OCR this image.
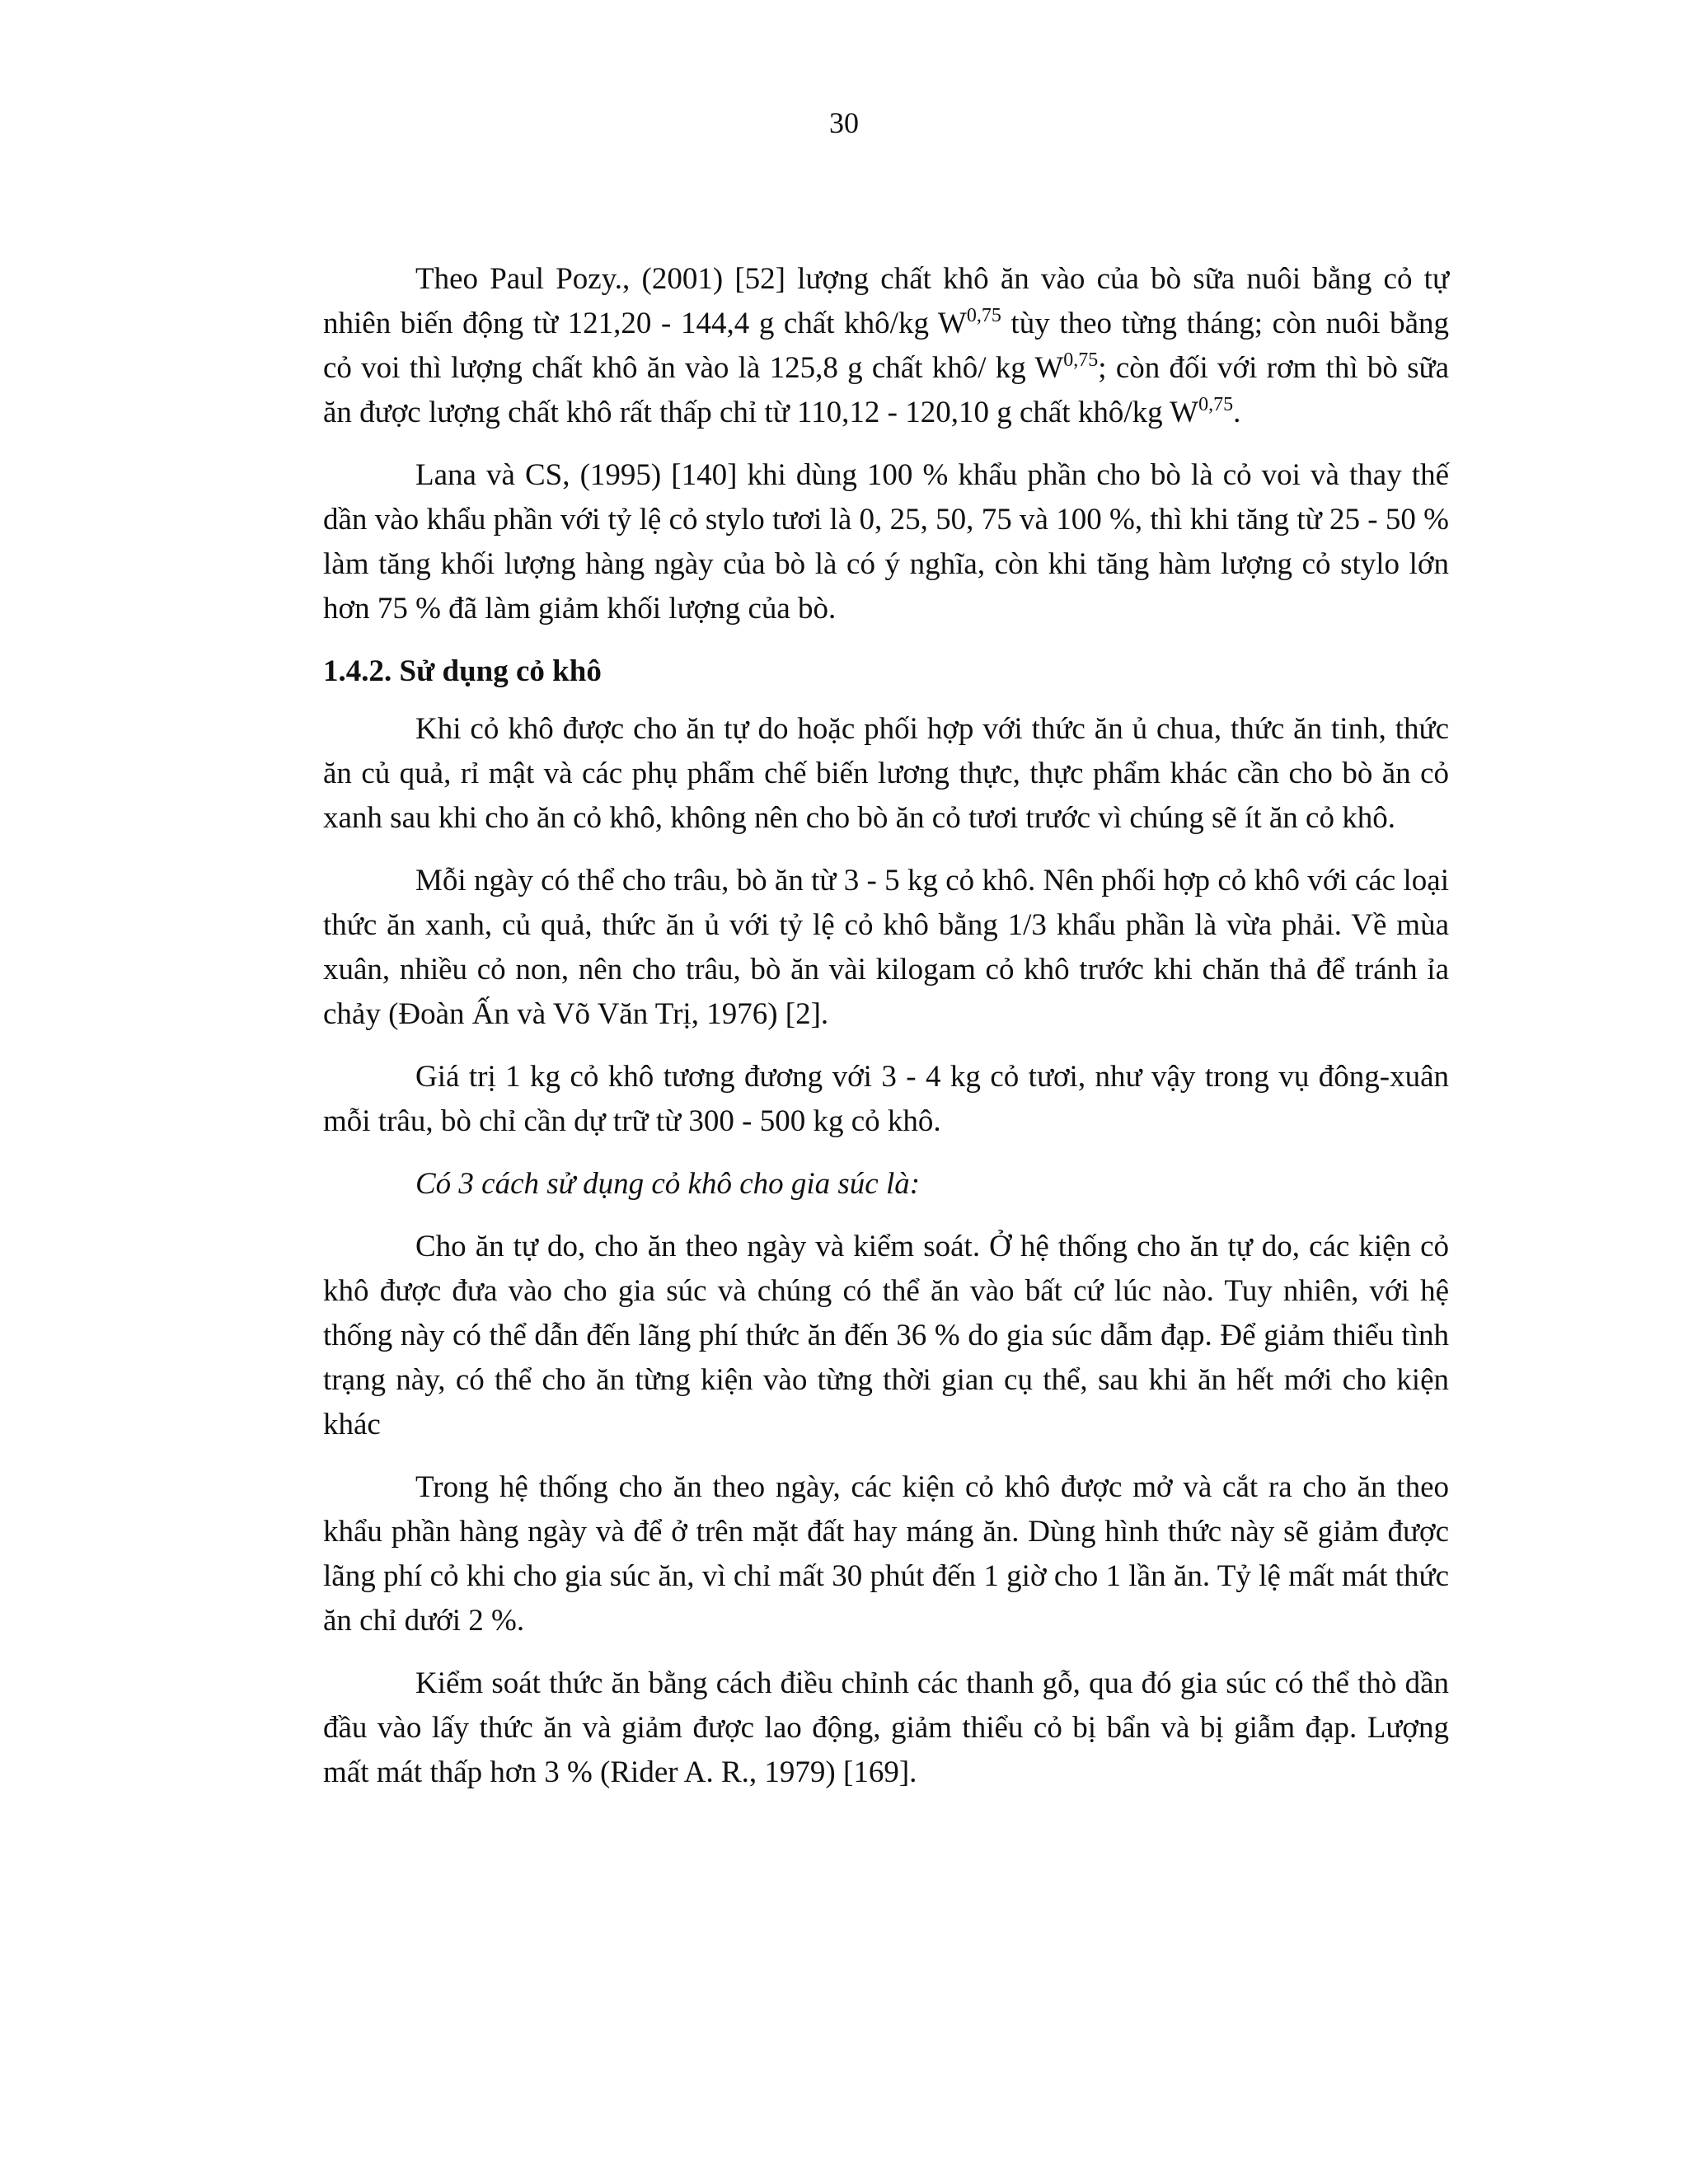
30

Theo Paul Pozy., (2001) [52] lượng chất khô ăn vào của bò sữa nuôi bằng cỏ tự nhiên biến động từ 121,20 - 144,4 g chất khô/kg W$^{0,75}$ tùy theo từng tháng; còn nuôi bằng cỏ voi thì lượng chất khô ăn vào là 125,8 g chất khô/ kg W$^{0,75}$; còn đối với rơm thì bò sữa ăn được lượng chất khô rất thấp chỉ từ 110,12 - 120,10 g chất khô/kg W$^{0,75}$.

Lana và CS, (1995) [140] khi dùng 100 % khẩu phần cho bò là cỏ voi và thay thế dần vào khẩu phần với tỷ lệ cỏ stylo tươi là 0, 25, 50, 75 và 100 %, thì khi tăng từ 25 - 50 % làm tăng khối lượng hàng ngày của bò là có ý nghĩa, còn khi tăng hàm lượng cỏ stylo lớn hơn 75 % đã làm giảm khối lượng của bò.

1.4.2. Sử dụng cỏ khô

Khi cỏ khô được cho ăn tự do hoặc phối hợp với thức ăn ủ chua, thức ăn tinh, thức ăn củ quả, rỉ mật và các phụ phẩm chế biến lương thực, thực phẩm khác cần cho bò ăn cỏ xanh sau khi cho ăn cỏ khô, không nên cho bò ăn cỏ tươi trước vì chúng sẽ ít ăn cỏ khô.

Mỗi ngày có thể cho trâu, bò ăn từ 3 - 5 kg cỏ khô. Nên phối hợp cỏ khô với các loại thức ăn xanh, củ quả, thức ăn ủ với tỷ lệ cỏ khô bằng 1/3 khẩu phần là vừa phải. Về mùa xuân, nhiều cỏ non, nên cho trâu, bò ăn vài kilogam cỏ khô trước khi chăn thả để tránh ỉa chảy (Đoàn Ấn và Võ Văn Trị, 1976) [2].

Giá trị 1 kg cỏ khô tương đương với 3 - 4 kg cỏ tươi, như vậy trong vụ đông-xuân mỗi trâu, bò chỉ cần dự trữ từ 300 - 500 kg cỏ khô.

Có 3 cách sử dụng cỏ khô cho gia súc là:

Cho ăn tự do, cho ăn theo ngày và kiểm soát. Ở hệ thống cho ăn tự do, các kiện cỏ khô được đưa vào cho gia súc và chúng có thể ăn vào bất cứ lúc nào. Tuy nhiên, với hệ thống này có thể dẫn đến lãng phí thức ăn đến 36 % do gia súc dẫm đạp. Để giảm thiểu tình trạng này, có thể cho ăn từng kiện vào từng thời gian cụ thể, sau khi ăn hết mới cho kiện khác

Trong hệ thống cho ăn theo ngày, các kiện cỏ khô được mở và cắt ra cho ăn theo khẩu phần hàng ngày và để ở trên mặt đất hay máng ăn. Dùng hình thức này sẽ giảm được lãng phí cỏ khi cho gia súc ăn, vì chỉ mất 30 phút đến 1 giờ cho 1 lần ăn. Tỷ lệ mất mát thức ăn chỉ dưới 2 %.

Kiểm soát thức ăn bằng cách điều chỉnh các thanh gỗ, qua đó gia súc có thể thò dần đầu vào lấy thức ăn và giảm được lao động, giảm thiểu cỏ bị bẩn và bị giẫm đạp. Lượng mất mát thấp hơn 3 % (Rider A. R., 1979) [169].
